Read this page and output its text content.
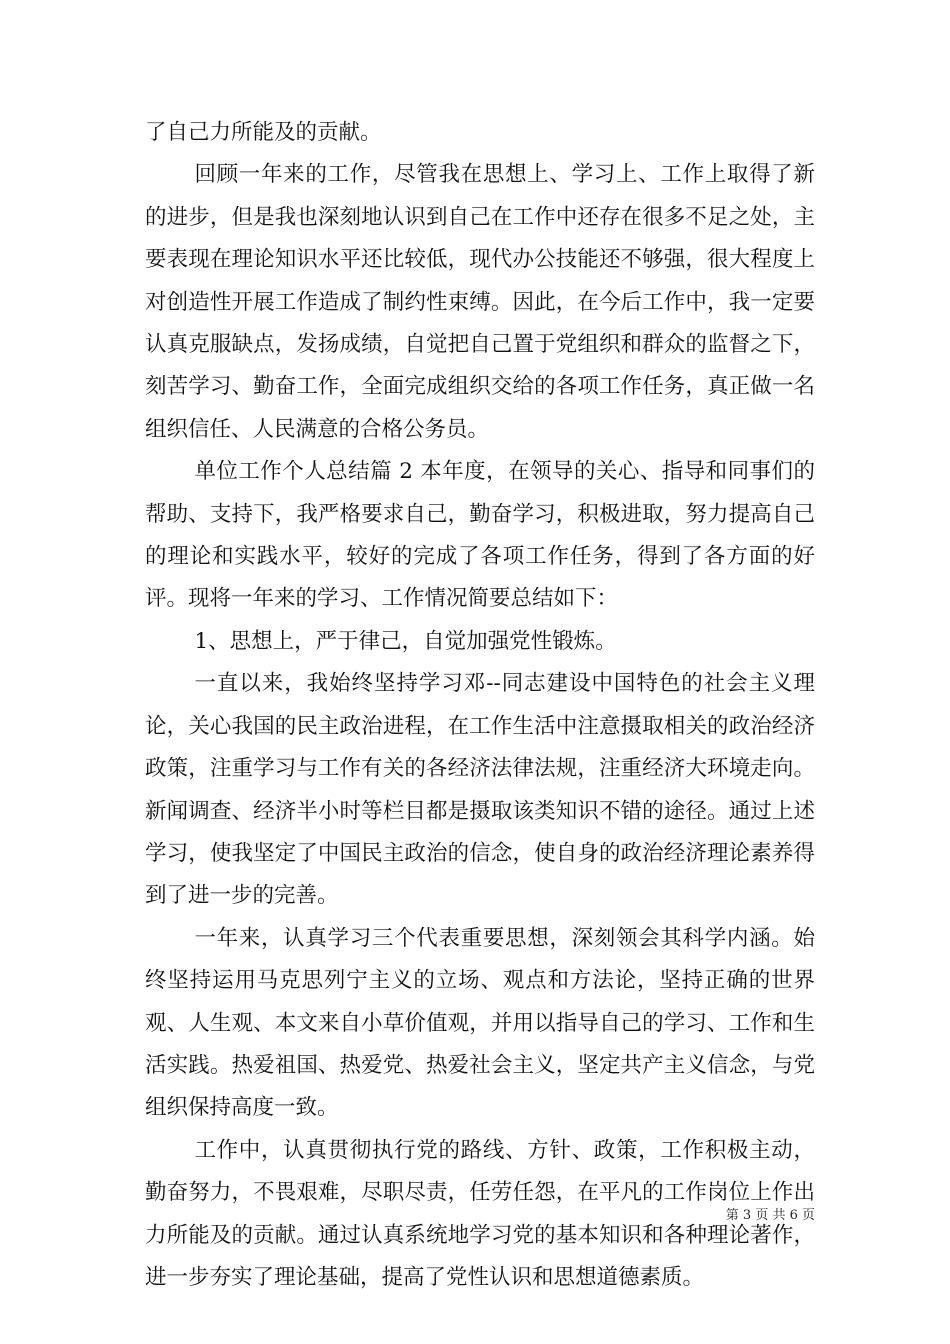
了自己力所能及的贡献。

回顾一年来的工作，尽管我在思想上、学习上、工作上取得了新的进步，但是我也深刻地认识到自己在工作中还存在很多不足之处，主要表现在理论知识水平还比较低，现代办公技能还不够强，很大程度上对创造性开展工作造成了制约性束缚。因此，在今后工作中，我一定要认真克服缺点，发扬成绩，自觉把自己置于党组织和群众的监督之下，刻苦学习、勤奋工作，全面完成组织交给的各项工作任务，真正做一名组织信任、人民满意的合格公务员。

单位工作个人总结篇 2 本年度，在领导的关心、指导和同事们的帮助、支持下，我严格要求自己，勤奋学习，积极进取，努力提高自己的理论和实践水平，较好的完成了各项工作任务，得到了各方面的好评。现将一年来的学习、工作情况简要总结如下：

1、思想上，严于律己，自觉加强党性锻炼。

一直以来，我始终坚持学习邓--同志建设中国特色的社会主义理论，关心我国的民主政治进程，在工作生活中注意摄取相关的政治经济政策，注重学习与工作有关的各经济法律法规，注重经济大环境走向。新闻调查、经济半小时等栏目都是摄取该类知识不错的途径。通过上述学习，使我坚定了中国民主政治的信念，使自身的政治经济理论素养得到了进一步的完善。

一年来，认真学习三个代表重要思想，深刻领会其科学内涵。始终坚持运用马克思列宁主义的立场、观点和方法论，坚持正确的世界观、人生观、本文来自小草价值观，并用以指导自己的学习、工作和生活实践。热爱祖国、热爱党、热爱社会主义，坚定共产主义信念，与党组织保持高度一致。

工作中，认真贯彻执行党的路线、方针、政策，工作积极主动，勤奋努力，不畏艰难，尽职尽责，任劳任怨，在平凡的工作岗位上作出力所能及的贡献。通过认真系统地学习党的基本知识和各种理论著作，进一步夯实了理论基础，提高了党性认识和思想道德素质。

第 3 页 共 6 页
